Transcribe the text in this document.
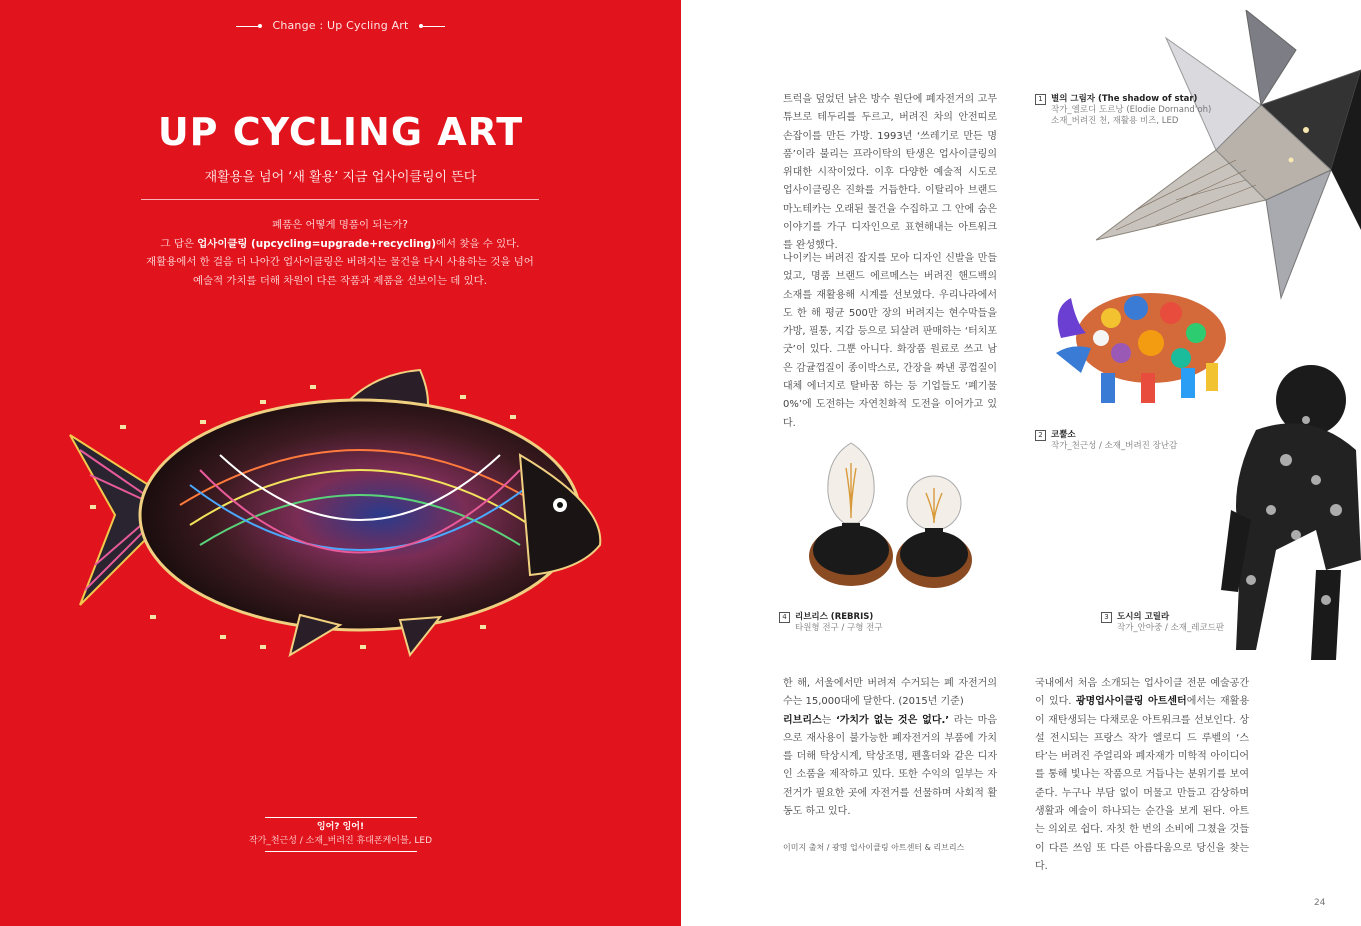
Change : Up Cycling Art
UP CYCLING ART
재활용을 넘어 ‘새 활용’ 지금 업사이클링이 뜬다
폐품은 어떻게 명품이 되는가?
그 답은 업사이클링 (upcycling=upgrade+recycling)에서 찾을 수 있다.
재활용에서 한 걸음 더 나아간 업사이클링은 버려지는 물건을 다시 사용하는 것을 넘어
예술적 가치를 더해 차원이 다른 작품과 제품을 선보이는 데 있다.
잉어? 잉어!
작가_천근성 / 소재_버려진 휴대폰케이블, LED
트럭을 덮었던 낡은 방수 원단에 폐자전거의 고무튜브로 테두리를 두르고, 버려진 차의 안전띠로 손잡이를 만든 가방. 1993년 ‘쓰레기로 만든 명품’이라 불리는 프라이탁의 탄생은 업사이클링의 위대한 시작이었다. 이후 다양한 예술적 시도로 업사이클링은 진화를 거듭한다. 이탈리아 브랜드 마노테카는 오래된 물건을 수집하고 그 안에 숨은 이야기를 가구 디자인으로 표현해내는 아트워크를 완성했다.
나이키는 버려진 잡지를 모아 디자인 신발을 만들었고, 명품 브랜드 에르메스는 버려진 핸드백의 소재를 재활용해 시계를 선보였다. 우리나라에서도 한 해 평균 500만 장의 버려지는 현수막들을 가방, 필통, 지갑 등으로 되살려 판매하는 ‘터치포굿’이 있다. 그뿐 아니다. 화장품 원료로 쓰고 남은 감귤껍질이 종이박스로, 간장을 짜낸 콩껍질이 대체 에너지로 탈바꿈 하는 등 기업들도 ‘폐기물 0%’에 도전하는 자연친화적 도전을 이어가고 있다.
1 별의 그림자 (The shadow of star)
작가_엘로디 도르낭 (Elodie Dornand’oh)
소재_버려진 천, 재활용 비즈, LED
2 코뿔소
작가_천근성 / 소재_버려진 장난감
3 도시의 고릴라
작가_안아중 / 소재_레코드판
4 리브리스 (REBRIS)
타원형 전구 / 구형 전구
한 해, 서울에서만 버려져 수거되는 폐 자전거의 수는 15,000대에 달한다. (2015년 기준)
리브리스는 ‘가치가 없는 것은 없다.’ 라는 마음으로 재사용이 불가능한 폐자전거의 부품에 가치를 더해 탁상시계, 탁상조명, 펜홀더와 같은 디자인 소품을 제작하고 있다. 또한 수익의 일부는 자전거가 필요한 곳에 자전거를 선물하며 사회적 활동도 하고 있다.
이미지 출처 / 광명 업사이클링 아트센터 & 리브리스
국내에서 처음 소개되는 업사이클 전문 예술공간이 있다. 광명업사이클링 아트센터에서는 재활용이 재탄생되는 다채로운 아트워크를 선보인다. 상설 전시되는 프랑스 작가 엘로디 드 루벨의 ‘스타’는 버려진 주얼리와 폐자재가 미학적 아이디어를 통해 빛나는 작품으로 거듭나는 분위기를 보여준다. 누구나 부담 없이 머물고 만들고 감상하며 생활과 예술이 하나되는 순간을 보게 된다. 아트는 의외로 쉽다. 자칫 한 번의 소비에 그쳤을 것들이 다른 쓰임 또 다른 아름다움으로 당신을 찾는다.
24
